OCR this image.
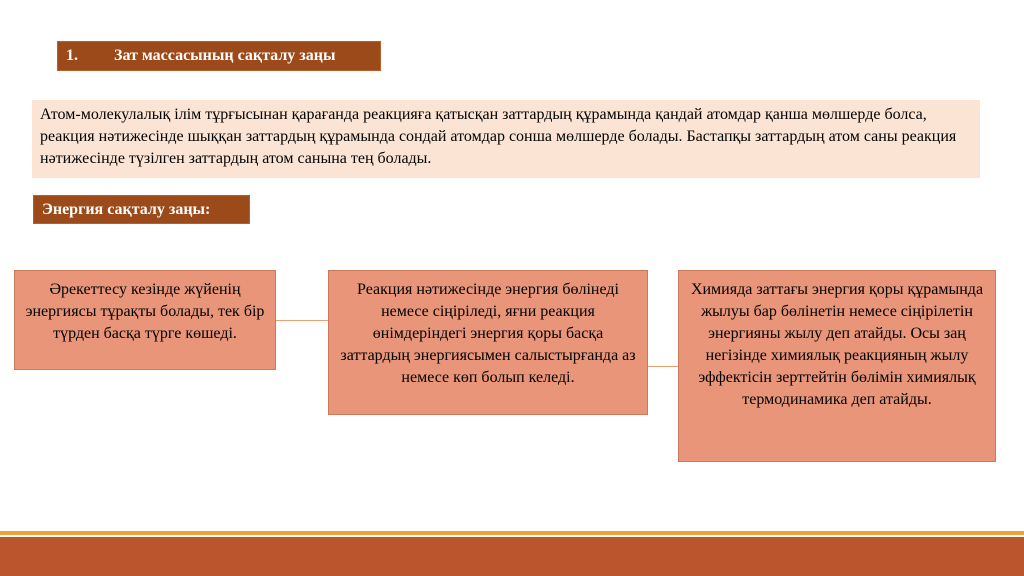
1.	Зат массасының сақталу заңы
Атом-молекулалық ілім тұрғысынан қарағанда реакцияға қатысқан заттардың құрамында қандай атомдар қанша мөлшерде болса, реакция нәтижесінде шыққан заттардың құрамында сондай атомдар сонша мөлшерде болады. Бастапқы заттардың атом саны реакция нәтижесінде түзілген заттардың атом санына тең болады.
Энергия сақталу заңы:
Әрекеттесу кезінде жүйенің энергиясы тұрақты болады, тек бір түрден басқа түрге көшеді.
Реакция нәтижесінде энергия бөлінеді немесе сіңіріледі, яғни реакция өнімдеріндегі энергия қоры басқа заттардың энергиясымен салыстырғанда аз немесе көп болып келеді.
Химияда заттағы энергия қоры құрамында жылуы бар бөлінетін немесе сіңірілетін энергияны жылу деп атайды. Осы заң негізінде химиялық реакцияның жылу эффектісін зерттейтін бөлімін химиялық термодинамика деп атайды.
